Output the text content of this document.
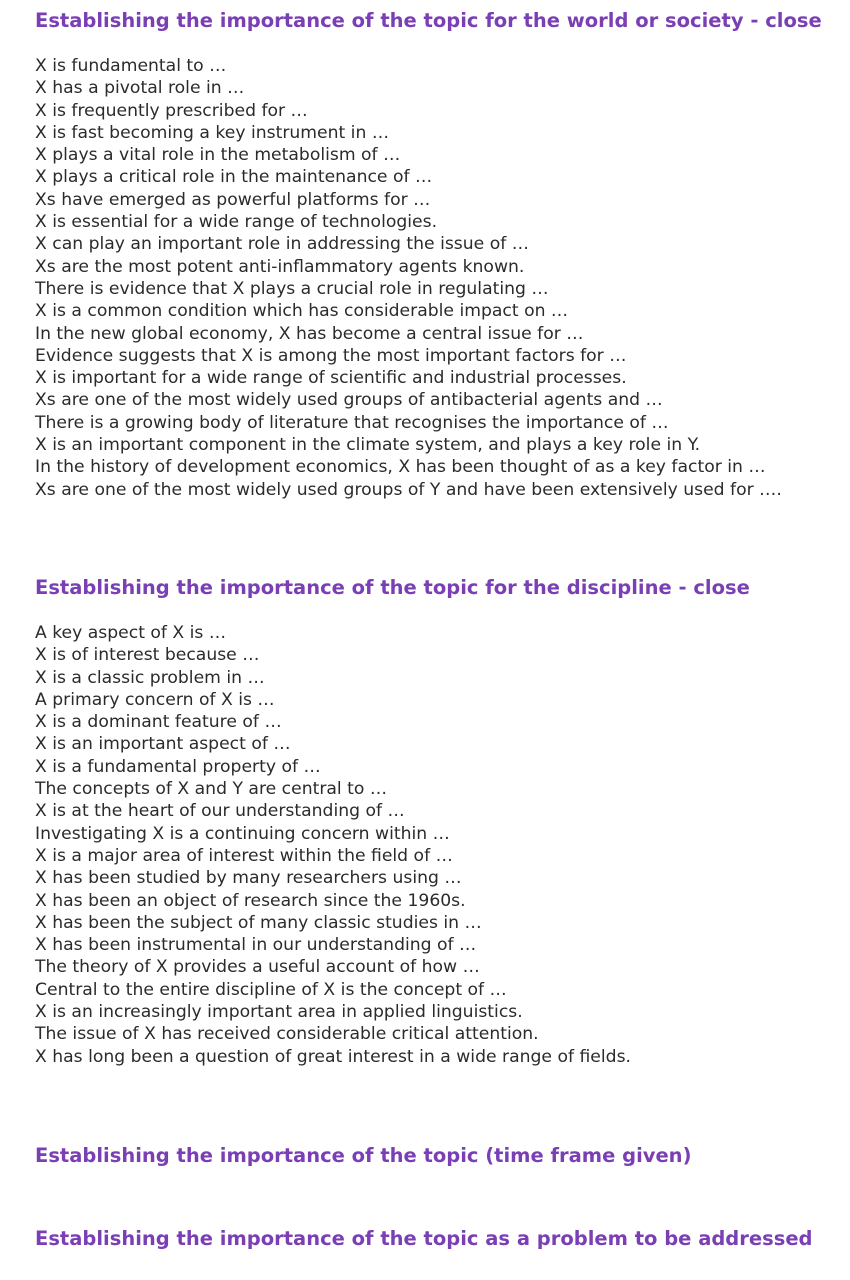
Establishing the importance of the topic for the world or society - close
X is fundamental to …
X has a pivotal role in …
X is frequently prescribed for …
X is fast becoming a key instrument in …
X plays a vital role in the metabolism of …
X plays a critical role in the maintenance of …
Xs have emerged as powerful platforms for …
X is essential for a wide range of technologies.
X can play an important role in addressing the issue of …
Xs are the most potent anti-inflammatory agents known.
There is evidence that X plays a crucial role in regulating …
X is a common condition which has considerable impact on …
In the new global economy, X has become a central issue for …
Evidence suggests that X is among the most important factors for …
X is important for a wide range of scientific and industrial processes.
Xs are one of the most widely used groups of antibacterial agents and …
There is a growing body of literature that recognises the importance of …
X is an important component in the climate system, and plays a key role in Y.
In the history of development economics, X has been thought of as a key factor in …
Xs are one of the most widely used groups of Y and have been extensively used for ….
Establishing the importance of the topic for the discipline - close
A key aspect of X is …
X is of interest because …
X is a classic problem in …
A primary concern of X is …
X is a dominant feature of …
X is an important aspect of …
X is a fundamental property of …
The concepts of X and Y are central to …
X is at the heart of our understanding of …
Investigating X is a continuing concern within …
X is a major area of interest within the field of …
X has been studied by many researchers using …
X has been an object of research since the 1960s.
X has been the subject of many classic studies in …
X has been instrumental in our understanding of …
The theory of X provides a useful account of how …
Central to the entire discipline of X is the concept of …
X is an increasingly important area in applied linguistics.
The issue of X has received considerable critical attention.
X has long been a question of great interest in a wide range of fields.
Establishing the importance of the topic (time frame given)
Establishing the importance of the topic as a problem to be addressed
